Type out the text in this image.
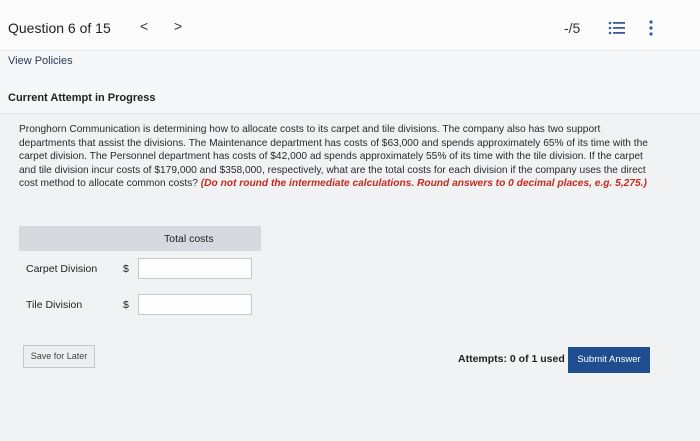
Question 6 of 15 < >	-/5
View Policies
Current Attempt in Progress
Pronghorn Communication is determining how to allocate costs to its carpet and tile divisions. The company also has two support departments that assist the divisions. The Maintenance department has costs of $63,000 and spends approximately 65% of its time with the carpet division. The Personnel department has costs of $42,000 ad spends approximately 55% of its time with the tile division. If the carpet and tile division incur costs of $179,000 and $358,000, respectively, what are the total costs for each division if the company uses the direct cost method to allocate common costs? (Do not round the intermediate calculations. Round answers to 0 decimal places, e.g. 5,275.)
Total costs
Carpet Division $
Tile Division	$
Save for Later	Attempts: 0 of 1 used	Submit Answer
